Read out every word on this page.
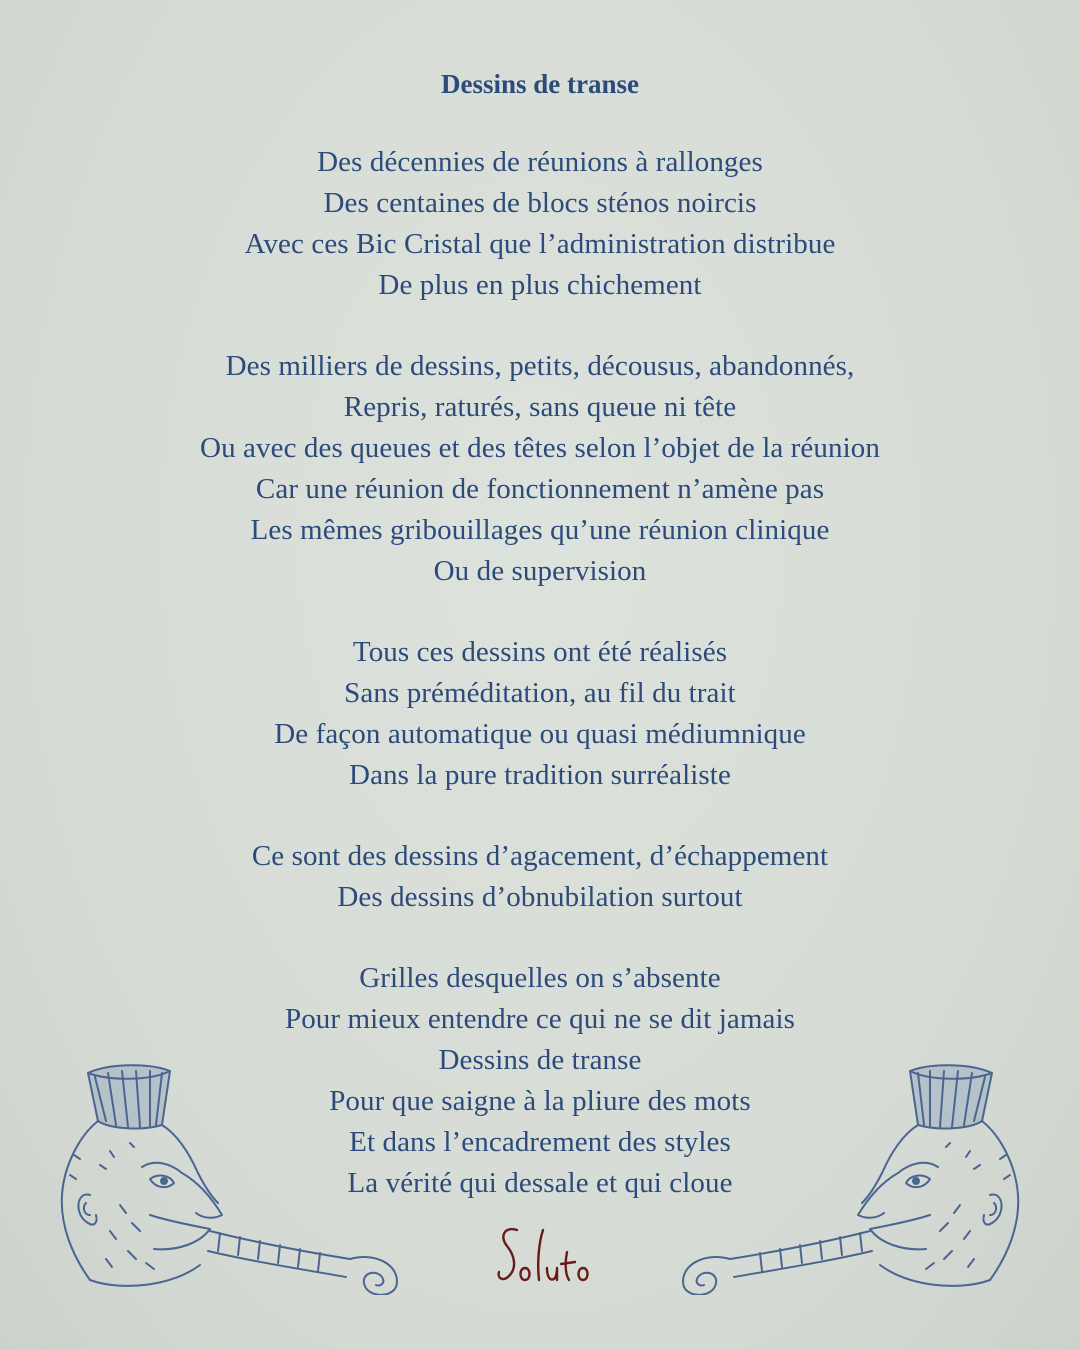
Dessins de transe
Des décennies de réunions à rallonges
Des centaines de blocs sténos noircis
Avec ces Bic Cristal que l’administration distribue
De plus en plus chichement
Des milliers de dessins, petits, décousus, abandonnés,
Repris, raturés, sans queue ni tête
Ou avec des queues et des têtes selon l’objet de la réunion
Car une réunion de fonctionnement n’amène pas
Les mêmes gribouillages qu’une réunion clinique
Ou de supervision
Tous ces dessins ont été réalisés
Sans préméditation, au fil du trait
De façon automatique ou quasi médiumnique
Dans la pure tradition surréaliste
Ce sont des dessins d’agacement, d’échappement
Des dessins d’obnubilation surtout
Grilles desquelles on s’absente
Pour mieux entendre ce qui ne se dit jamais
Dessins de transe
Pour que saigne à la pliure des mots
Et dans l’encadrement des styles
La vérité qui dessale et qui cloue
